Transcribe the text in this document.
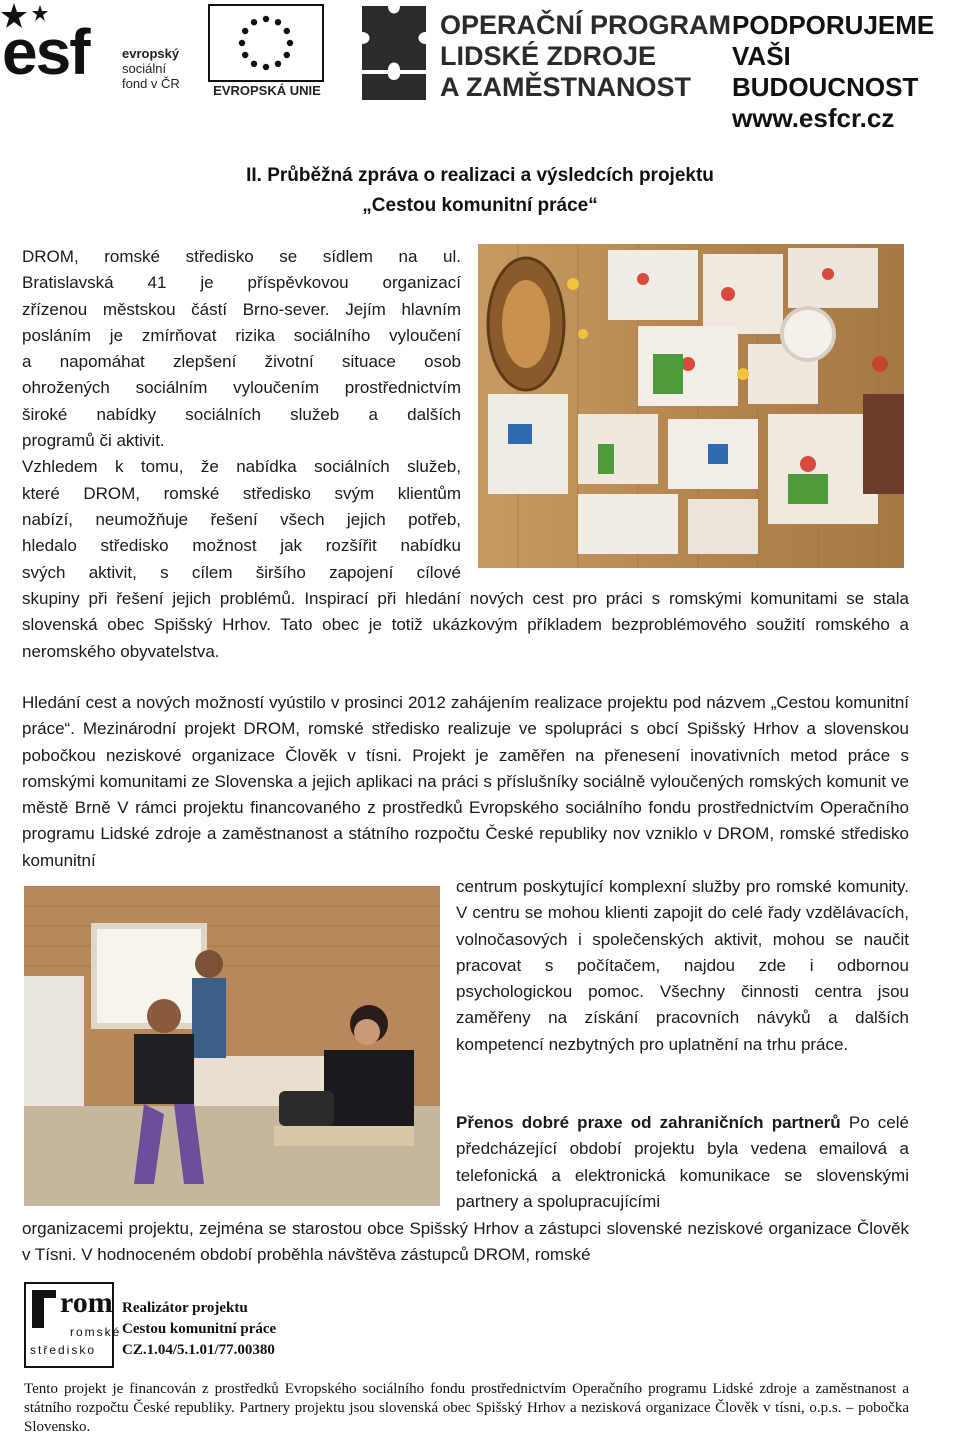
esf	evropský
sociální
fond v ČR	EVROPSKÁ UNIE
OPERAČNÍ PROGRAM
LIDSKÉ ZDROJE
A ZAMĚSTNANOST
PODPORUJEME
VAŠI BUDOUCNOST
www.esfcr.cz
II. Průběžná zpráva o realizaci a výsledcích projektu
„Cestou komunitní práce“

DROM, romské středisko se sídlem na ul.

Bratislavská 41 je příspěvkovou organizací

zřízenou městskou částí Brno-sever. Jejím hlavním

posláním je zmírňovat rizika sociálního vyloučení

a napomáhat zlepšení životní situace osob

ohrožených sociálním vyloučením prostřednictvím

široké nabídky sociálních služeb a dalších

programů či aktivit.

Vzhledem k tomu, že nabídka sociálních služeb,

které DROM, romské středisko svým klientům

nabízí, neumožňuje řešení všech jejich potřeb,

hledalo středisko možnost jak rozšířit nabídku

svých aktivit, s cílem širšího zapojení cílové

skupiny při řešení jejich problémů. Inspirací při hledání nových cest pro práci s romskými komunitami se stala slovenská obec Spišský Hrhov. Tato obec je totiž ukázkovým příkladem bezproblémového soužití romského a neromského obyvatelstva.
Hledání cest a nových možností vyústilo v prosinci 2012 zahájením realizace projektu pod názvem „Cestou komunitní práce“. Mezinárodní projekt DROM, romské středisko realizuje ve spolupráci s obcí Spišský Hrhov a slovenskou pobočkou neziskové organizace Člověk v tísni. Projekt je zaměřen na přenesení inovativních metod práce s romskými komunitami ze Slovenska a jejich aplikaci na práci s příslušníky sociálně vyloučených romských komunit ve městě Brně V rámci projektu financovaného z prostředků Evropského sociálního fondu prostřednictvím Operačního programu Lidské zdroje a zaměstnanost a státního rozpočtu České republiky nov vzniklo v DROM, romské středisko komunitní
centrum poskytující komplexní služby pro romské komunity. V centru se mohou klienti zapojit do celé řady vzdělávacích, volnočasových i společenských aktivit, mohou se naučit pracovat s počítačem, najdou zde i odbornou psychologickou pomoc. Všechny činnosti centra jsou zaměřeny na získání pracovních návyků a dalších kompetencí nezbytných pro uplatnění na trhu práce.
Přenos dobré praxe od zahraničních partnerů Po celé předcházející období projektu byla vedena emailová a telefonická a elektronická komunikace se slovenskými partnery a spolupracujícími
organizacemi projektu, zejména se starostou obce Spišský Hrhov a zástupci slovenské neziskové organizace Člověk v Tísni. V hodnoceném období proběhla návštěva zástupců DROM, romské
rom
romské
středisko
Realizátor projektu
Cestou komunitní práce
CZ.1.04/5.1.01/77.00380
Tento projekt je financován z prostředků Evropského sociálního fondu prostřednictvím Operačního programu Lidské zdroje a zaměstnanost a státního rozpočtu České republiky. Partnery projektu jsou slovenská obec Spišský Hrhov a nezisková organizace Člověk v tísni, o.p.s. – pobočka Slovensko.
